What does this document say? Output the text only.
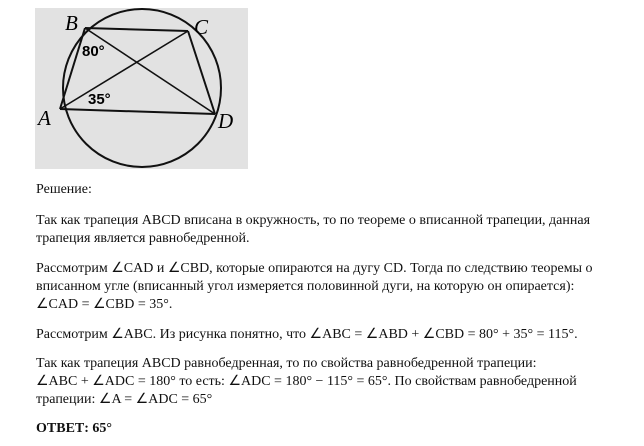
B	C
A	D
80°
35°

Решение:

Так как трапеция ABCD вписана в окружность, то по теореме о вписанной трапеции, данная

трапеция является равнобедренной.

Рассмотрим ∠CAD и ∠CBD, которые опираются на дугу CD. Тогда по следствию теоремы о

вписанном угле (вписанный угол измеряется половинной дуги, на которую он опирается):

∠CAD = ∠CBD = 35°.

Рассмотрим ∠ABC. Из рисунка понятно, что ∠ABC = ∠ABD + ∠CBD = 80° + 35° = 115°.

Так как трапеция ABCD равнобедренная, то по свойства равнобедренной трапеции:

∠ABC + ∠ADC = 180° то есть: ∠ADC = 180° − 115° = 65°. По свойствам равнобедренной

трапеции: ∠A = ∠ADC = 65°

ОТВЕТ: 65°
